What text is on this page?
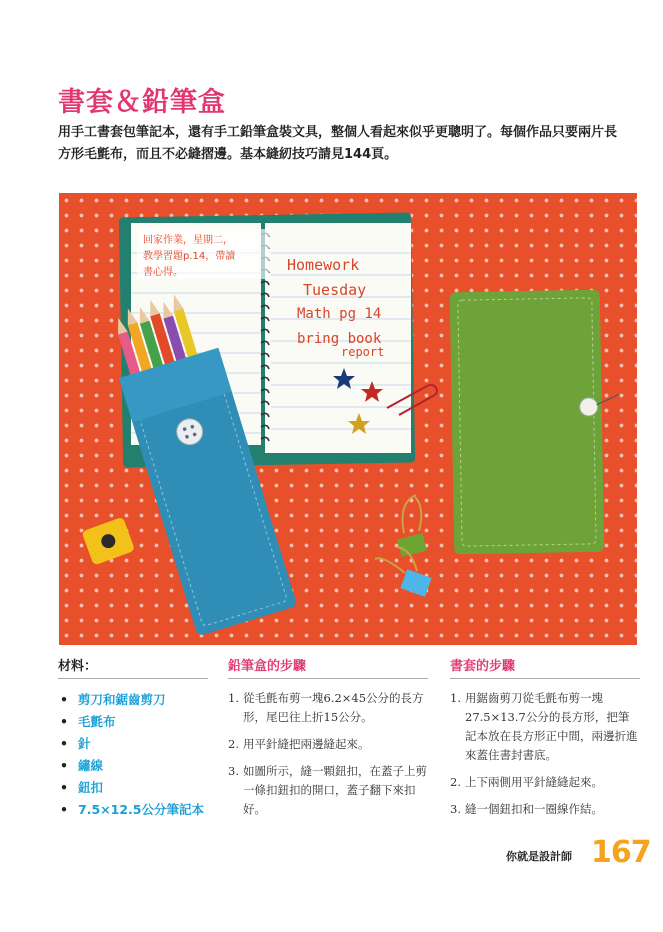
書套＆鉛筆盒
用手工書套包筆記本，還有手工鉛筆盒裝文具，整個人看起來似乎更聰明了。每個作品只要兩片長方形毛氈布，而且不必縫摺邊。基本縫紉技巧請見144頁。
回家作業，星期二，
教學習題p.14，帶讀
書心得。	Homework
Tuesday
Math pg 14
bring book
report
材料：
• 剪刀和鋸齒剪刀
• 毛氈布
• 針
• 繡線
• 鈕扣
• 7.5×12.5公分筆記本
鉛筆盒的步驟
1. 從毛氈布剪一塊6.2×45公分的長方形，尾巴往上折15公分。
2. 用平針縫把兩邊縫起來。
3. 如圖所示，縫一顆鈕扣，在蓋子上剪一條扣鈕扣的開口，蓋子翻下來扣好。
書套的步驟
1. 用鋸齒剪刀從毛氈布剪一塊27.5×13.7公分的長方形，把筆記本放在長方形正中間，兩邊折進來蓋住書封書底。
2. 上下兩側用平針縫縫起來。
3. 縫一個鈕扣和一圈線作結。
你就是設計師 167
